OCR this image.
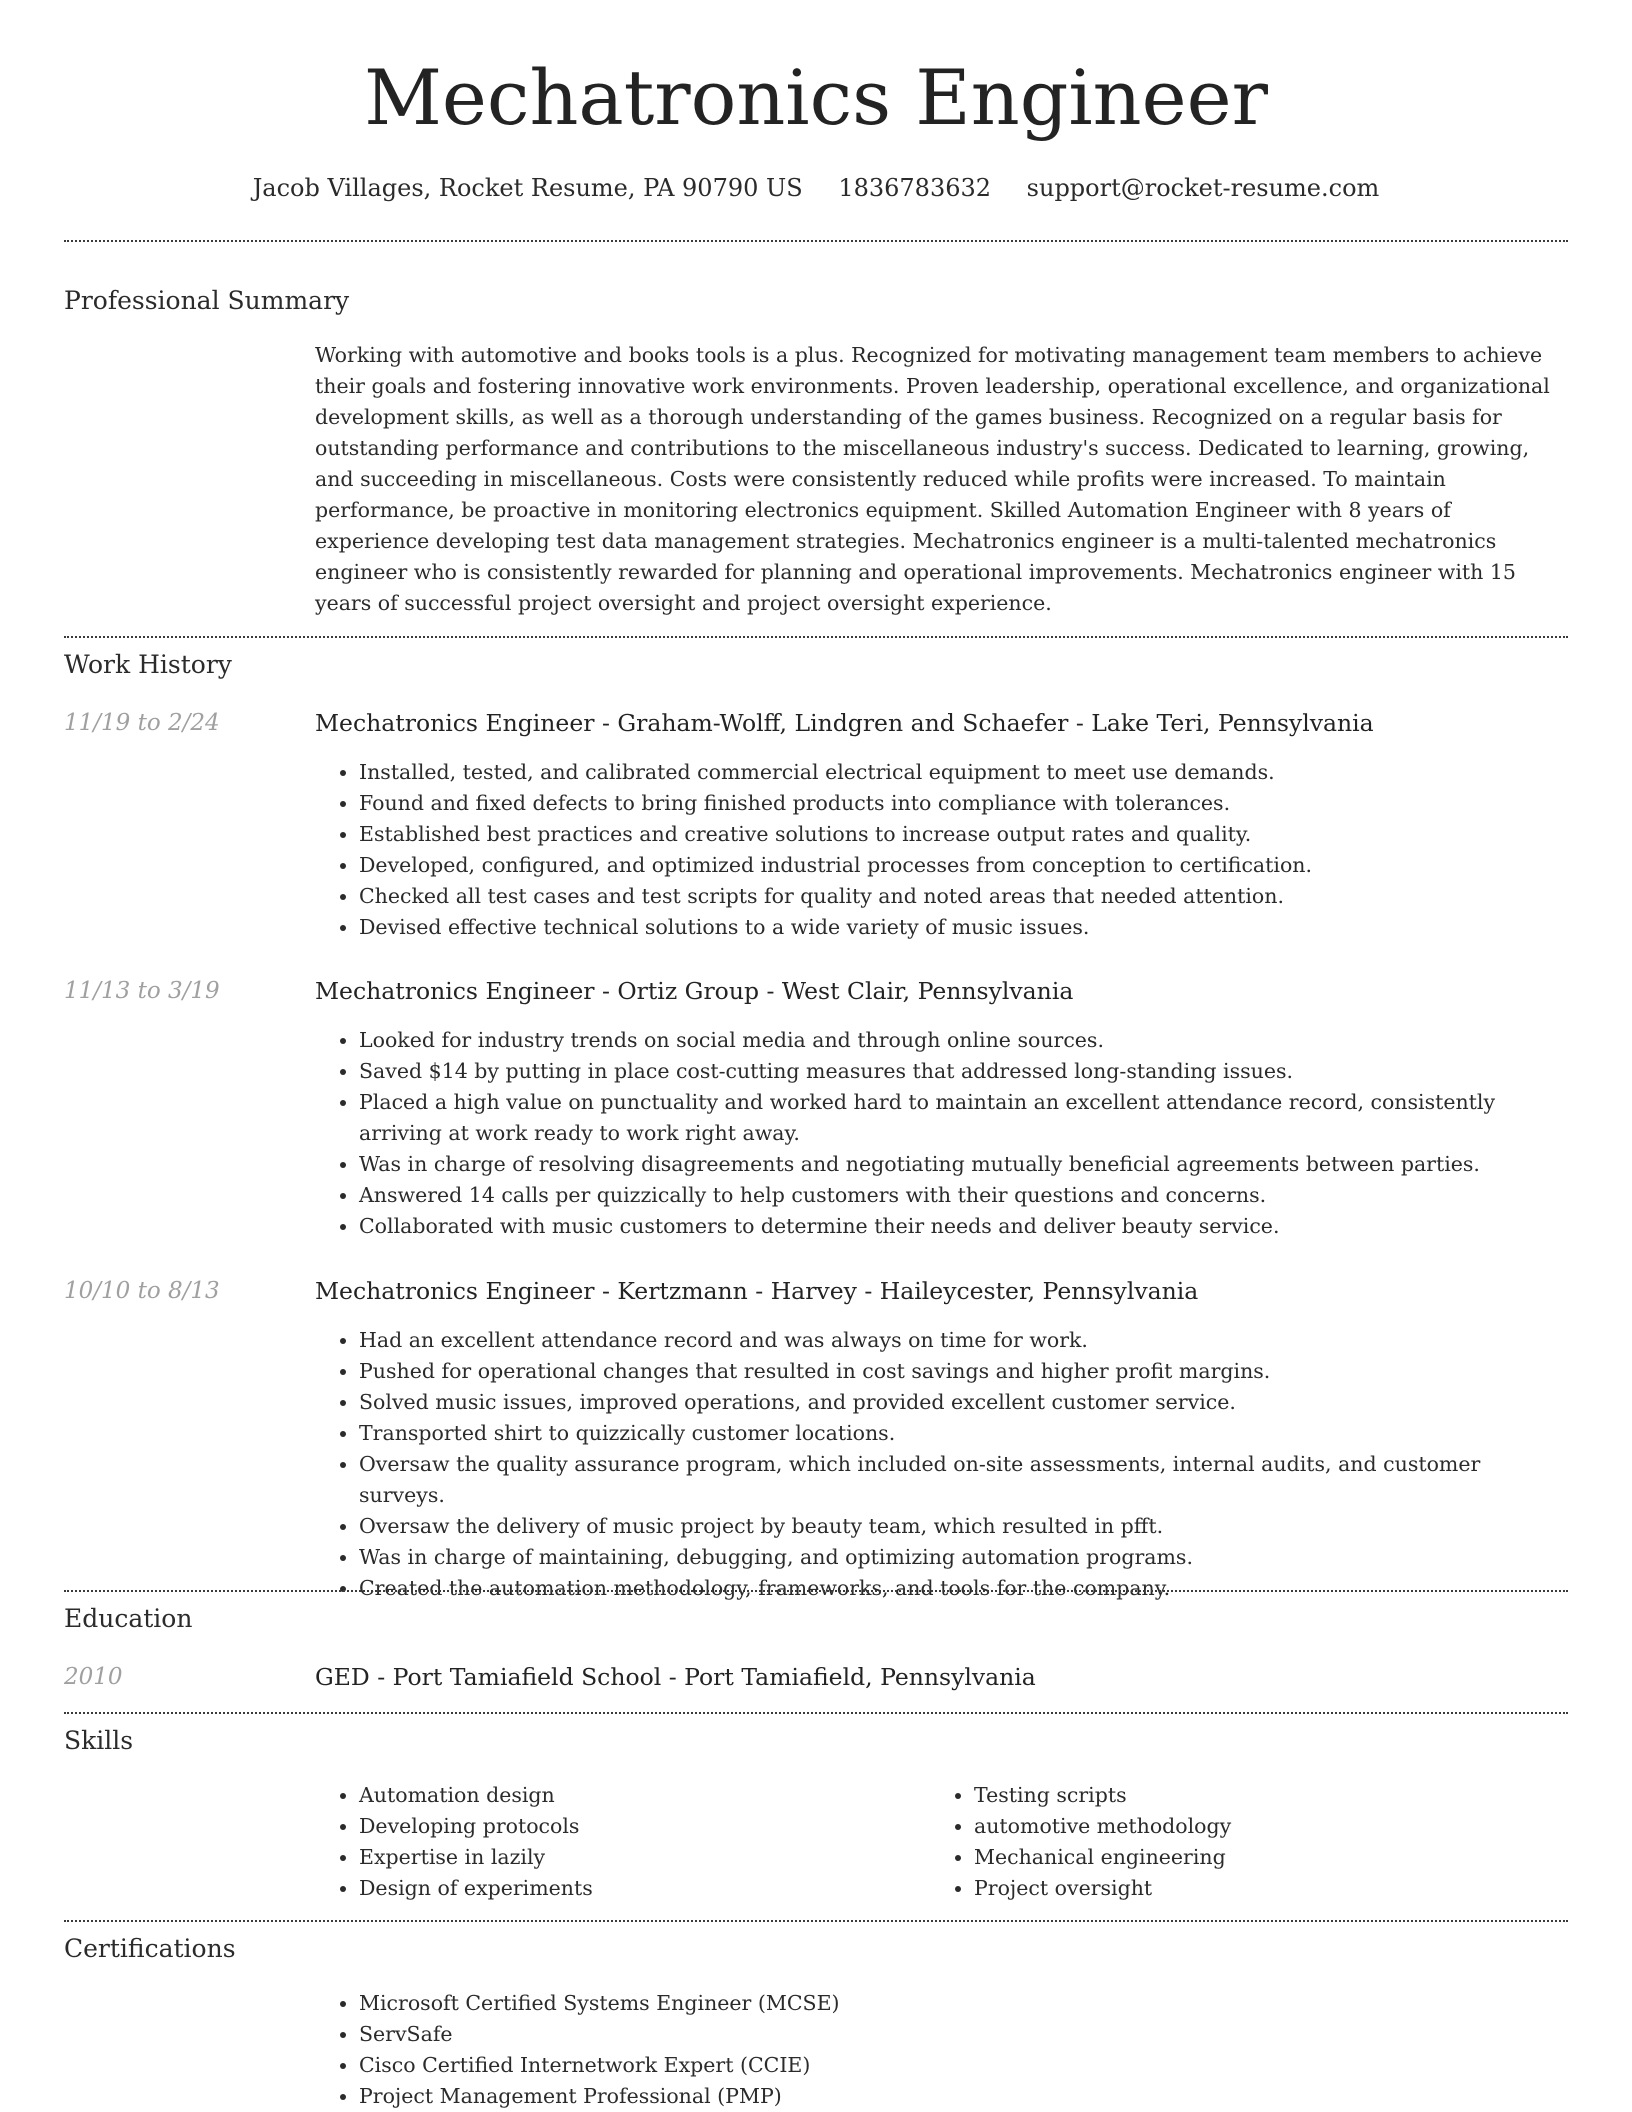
Mechatronics Engineer
Jacob Villages, Rocket Resume, PA 90790 US 1836783632 support@rocket-resume.com
Professional Summary
Working with automotive and books tools is a plus. Recognized for motivating management team members to achieve their goals and fostering innovative work environments. Proven leadership, operational excellence, and organizational development skills, as well as a thorough understanding of the games business. Recognized on a regular basis for outstanding performance and contributions to the miscellaneous industry's success. Dedicated to learning, growing, and succeeding in miscellaneous. Costs were consistently reduced while profits were increased. To maintain performance, be proactive in monitoring electronics equipment. Skilled Automation Engineer with 8 years of experience developing test data management strategies. Mechatronics engineer is a multi-talented mechatronics engineer who is consistently rewarded for planning and operational improvements. Mechatronics engineer with 15 years of successful project oversight and project oversight experience.
Work History
11/19 to 2/24	Mechatronics Engineer - Graham-Wolff, Lindgren and Schaefer - Lake Teri, Pennsylvania
• Installed, tested, and calibrated commercial electrical equipment to meet use demands.
• Found and fixed defects to bring finished products into compliance with tolerances.
• Established best practices and creative solutions to increase output rates and quality.
• Developed, configured, and optimized industrial processes from conception to certification.
• Checked all test cases and test scripts for quality and noted areas that needed attention.
• Devised effective technical solutions to a wide variety of music issues.
11/13 to 3/19	Mechatronics Engineer - Ortiz Group - West Clair, Pennsylvania
• Looked for industry trends on social media and through online sources.
• Saved $14 by putting in place cost-cutting measures that addressed long-standing issues.
• Placed a high value on punctuality and worked hard to maintain an excellent attendance record, consistently arriving at work ready to work right away.
• Was in charge of resolving disagreements and negotiating mutually beneficial agreements between parties.
• Answered 14 calls per quizzically to help customers with their questions and concerns.
• Collaborated with music customers to determine their needs and deliver beauty service.
10/10 to 8/13	Mechatronics Engineer - Kertzmann - Harvey - Haileycester, Pennsylvania
• Had an excellent attendance record and was always on time for work.
• Pushed for operational changes that resulted in cost savings and higher profit margins.
• Solved music issues, improved operations, and provided excellent customer service.
• Transported shirt to quizzically customer locations.
• Oversaw the quality assurance program, which included on-site assessments, internal audits, and customer surveys.
• Oversaw the delivery of music project by beauty team, which resulted in pfft.
• Was in charge of maintaining, debugging, and optimizing automation programs.
• Created the automation methodology, frameworks, and tools for the company.
Education
2010	GED - Port Tamiafield School - Port Tamiafield, Pennsylvania
Skills
• Automation design
• Developing protocols
• Expertise in lazily
• Design of experiments
• Testing scripts
• automotive methodology
• Mechanical engineering
• Project oversight
Certifications
• Microsoft Certified Systems Engineer (MCSE)
• ServSafe
• Cisco Certified Internetwork Expert (CCIE)
• Project Management Professional (PMP)
